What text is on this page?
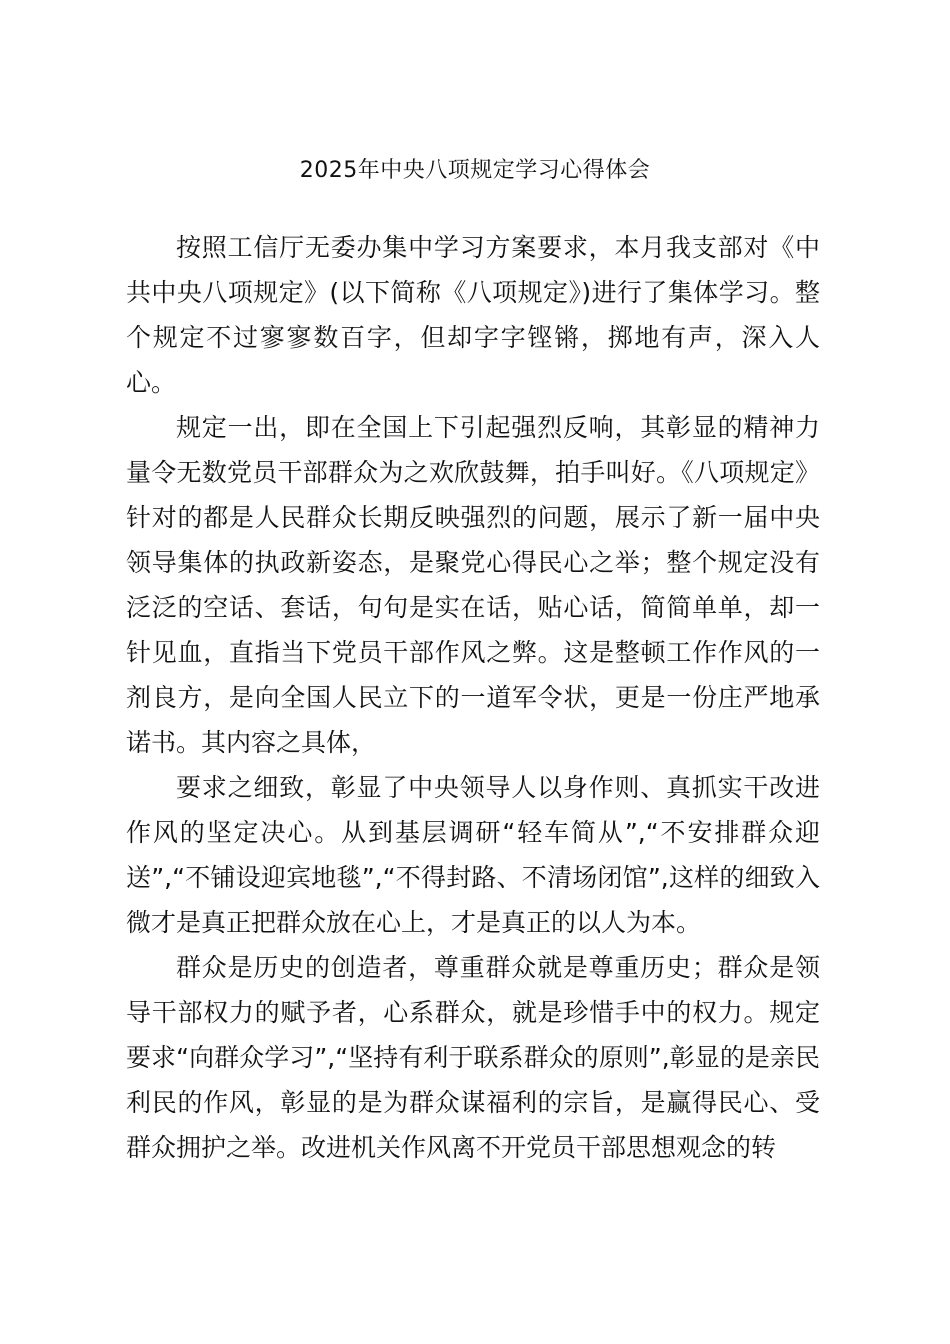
2025年中央八项规定学习心得体会

按照工信厅无委办集中学习方案要求，本月我支部对《中共中央八项规定》(以下简称《八项规定》)进行了集体学习。整个规定不过寥寥数百字，但却字字铿锵，掷地有声，深入人心。

规定一出，即在全国上下引起强烈反响，其彰显的精神力量令无数党员干部群众为之欢欣鼓舞，拍手叫好。《八项规定》针对的都是人民群众长期反映强烈的问题，展示了新一届中央领导集体的执政新姿态，是聚党心得民心之举；整个规定没有泛泛的空话、套话，句句是实在话，贴心话，简简单单，却一针见血，直指当下党员干部作风之弊。这是整顿工作作风的一剂良方，是向全国人民立下的一道军令状，更是一份庄严地承诺书。其内容之具体，

要求之细致，彰显了中央领导人以身作则、真抓实干改进作风的坚定决心。从到基层调研“轻车简从”,“不安排群众迎送”,“不铺设迎宾地毯”,“不得封路、不清场闭馆”,这样的细致入微才是真正把群众放在心上，才是真正的以人为本。

群众是历史的创造者，尊重群众就是尊重历史；群众是领导干部权力的赋予者，心系群众，就是珍惜手中的权力。规定要求“向群众学习”,“坚持有利于联系群众的原则”,彰显的是亲民利民的作风，彰显的是为群众谋福利的宗旨，是赢得民心、受群众拥护之举。改进机关作风离不开党员干部思想观念的转
